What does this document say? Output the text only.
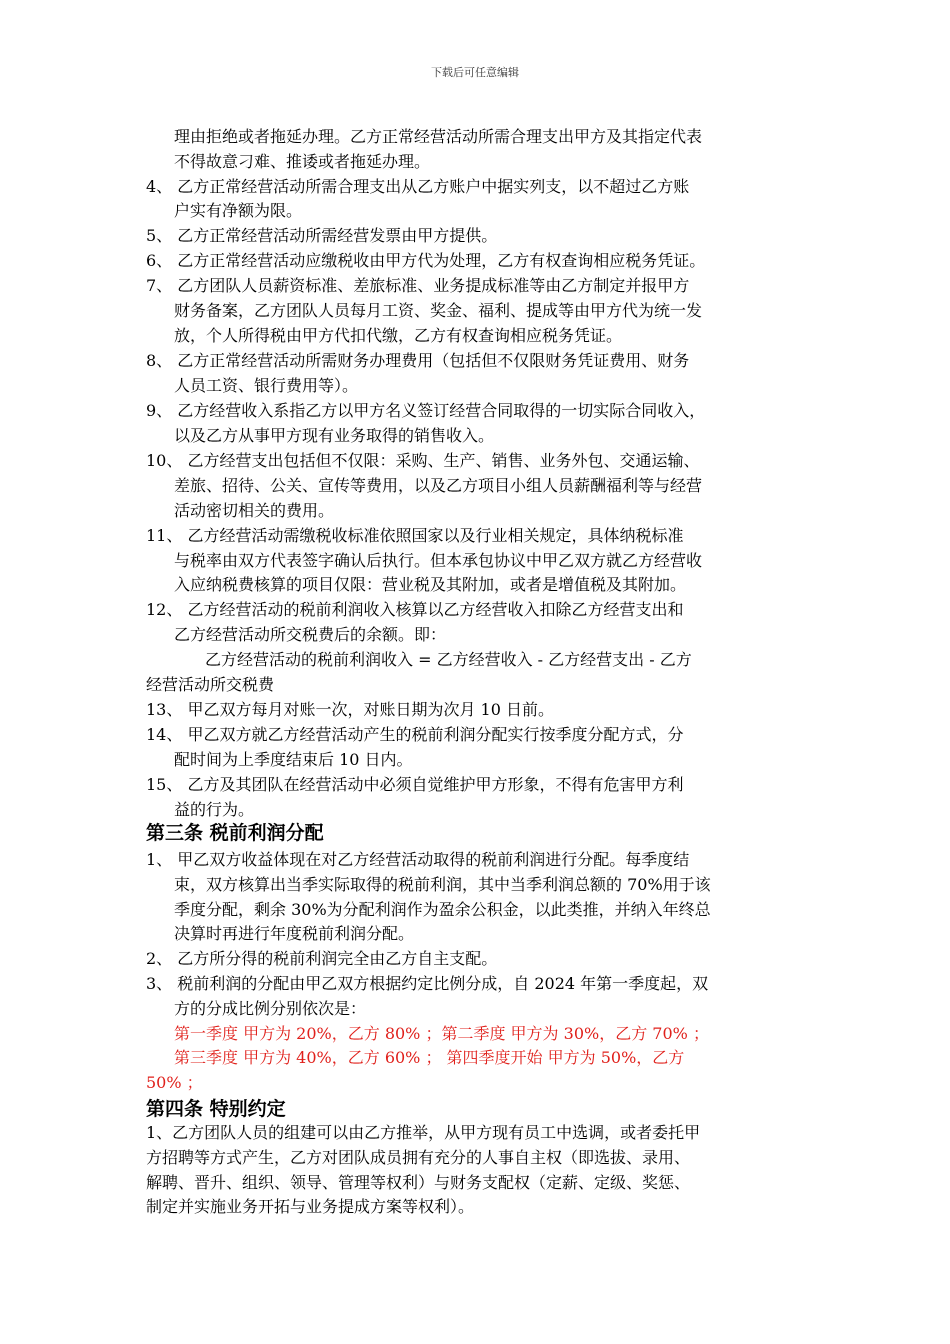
下载后可任意编辑
理由拒绝或者拖延办理。乙方正常经营活动所需合理支出甲方及其指定代表
不得故意刁难、推诿或者拖延办理。
4、 乙方正常经营活动所需合理支出从乙方账户中据实列支，以不超过乙方账
户实有净额为限。
5、 乙方正常经营活动所需经营发票由甲方提供。
6、 乙方正常经营活动应缴税收由甲方代为处理，乙方有权查询相应税务凭证。
7、 乙方团队人员薪资标准、差旅标准、业务提成标准等由乙方制定并报甲方
财务备案，乙方团队人员每月工资、奖金、福利、提成等由甲方代为统一发
放，个人所得税由甲方代扣代缴，乙方有权查询相应税务凭证。
8、 乙方正常经营活动所需财务办理费用（包括但不仅限财务凭证费用、财务
人员工资、银行费用等）。
9、 乙方经营收入系指乙方以甲方名义签订经营合同取得的一切实际合同收入，
以及乙方从事甲方现有业务取得的销售收入。
10、 乙方经营支出包括但不仅限：采购、生产、销售、业务外包、交通运输、
差旅、招待、公关、宣传等费用，以及乙方项目小组人员薪酬福利等与经营
活动密切相关的费用。
11、 乙方经营活动需缴税收标准依照国家以及行业相关规定，具体纳税标准
与税率由双方代表签字确认后执行。但本承包协议中甲乙双方就乙方经营收
入应纳税费核算的项目仅限：营业税及其附加，或者是增值税及其附加。
12、 乙方经营活动的税前利润收入核算以乙方经营收入扣除乙方经营支出和
乙方经营活动所交税费后的余额。即：
乙方经营活动的税前利润收入 = 乙方经营收入 - 乙方经营支出 - 乙方
经营活动所交税费
13、 甲乙双方每月对账一次，对账日期为次月 10 日前。
14、 甲乙双方就乙方经营活动产生的税前利润分配实行按季度分配方式，分
配时间为上季度结束后 10 日内。
15、 乙方及其团队在经营活动中必须自觉维护甲方形象，不得有危害甲方利
益的行为。
1、 甲乙双方收益体现在对乙方经营活动取得的税前利润进行分配。每季度结
束，双方核算出当季实际取得的税前利润，其中当季利润总额的 70%用于该
季度分配，剩余 30%为分配利润作为盈余公积金，以此类推，并纳入年终总
决算时再进行年度税前利润分配。
2、 乙方所分得的税前利润完全由乙方自主支配。
3、 税前利润的分配由甲乙双方根据约定比例分成，自 2024 年第一季度起，双
方的分成比例分别依次是：
第一季度 甲方为 20%，乙方 80% ；第二季度 甲方为 30%，乙方 70% ；
第三季度 甲方为 40%，乙方 60% ； 第四季度开始 甲方为 50%，乙方
50% ；
1、乙方团队人员的组建可以由乙方推举，从甲方现有员工中选调，或者委托甲
方招聘等方式产生，乙方对团队成员拥有充分的人事自主权（即选拔、录用、
解聘、晋升、组织、领导、管理等权利）与财务支配权（定薪、定级、奖惩、
制定并实施业务开拓与业务提成方案等权利）。
第三条 税前利润分配
第四条 特别约定
